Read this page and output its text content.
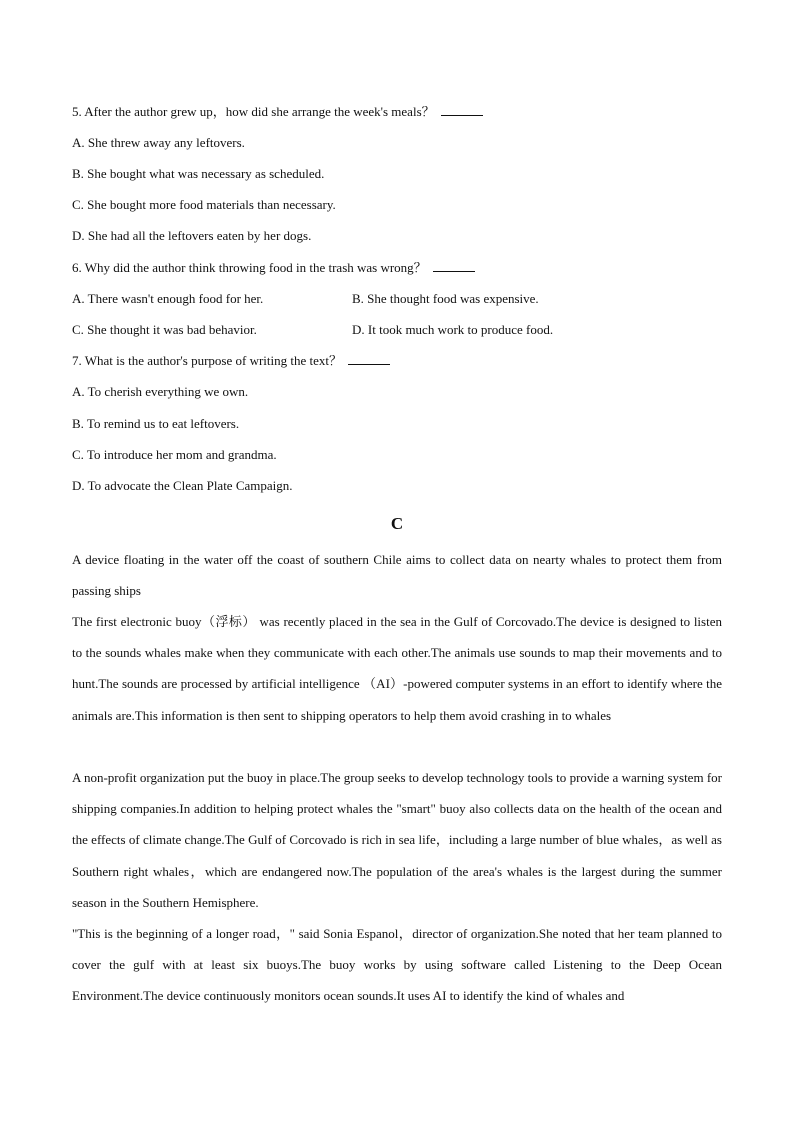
5. After the author grew up，how did she arrange the week's meals？
A. She threw away any leftovers.
B. She bought what was necessary as scheduled.
C. She bought more food materials than necessary.
D. She had all the leftovers eaten by her dogs.
6. Why did the author think throwing food in the trash was wrong？
A. There wasn't enough food for her.	B. She thought food was expensive.
C. She thought it was bad behavior.	D. It took much work to produce food.
7. What is the author's purpose of writing the text？
A. To cherish everything we own.
B. To remind us to eat leftovers.
C. To introduce her mom and grandma.
D. To advocate the Clean Plate Campaign.
C
A device floating in the water off the coast of southern Chile aims to collect data on nearty whales to protect them from passing ships
The first electronic buoy（浮标） was recently placed in the sea in the Gulf of Corcovado.The device is designed to listen to the sounds whales make when they communicate with each other.The animals use sounds to map their movements and to hunt.The sounds are processed by artificial intelligence （AI）-powered computer systems in an effort to identify where the animals are.This information is then sent to shipping operators to help them avoid crashing in to whales
A non-profit organization put the buoy in place.The group seeks to develop technology tools to provide a warning system for shipping companies.In addition to helping protect whales the "smart" buoy also collects data on the health of the ocean and the effects of climate change.The Gulf of Corcovado is rich in sea life，including a large number of blue whales，as well as Southern right whales，which are endangered now.The population of the area's whales is the largest during the summer season in the Southern Hemisphere.
"This is the beginning of a longer road，" said Sonia Espanol，director of organization.She noted that her team planned to cover the gulf with at least six buoys.The buoy works by using software called Listening to the Deep Ocean Environment.The device continuously monitors ocean sounds.It uses AI to identify the kind of whales and
